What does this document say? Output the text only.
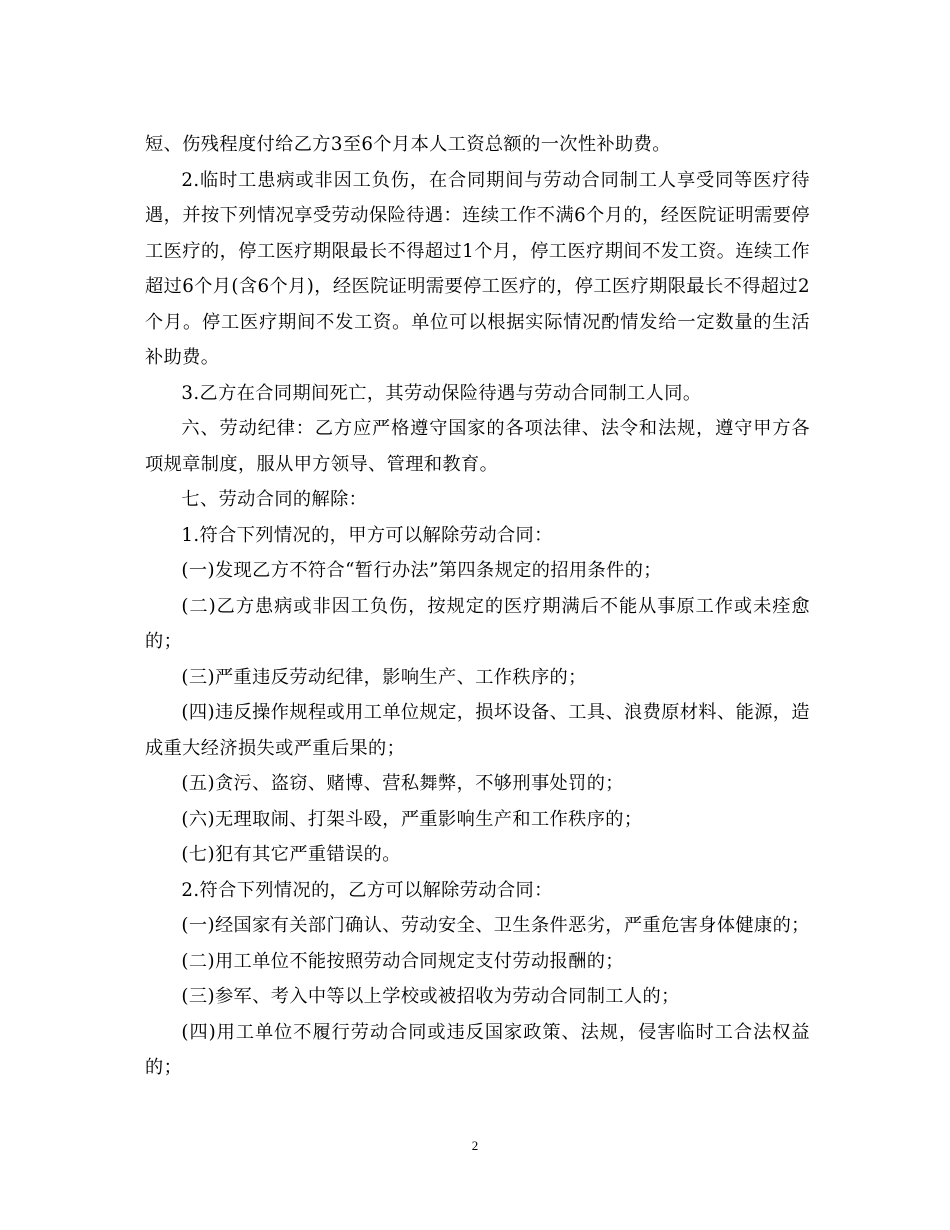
短、伤残程度付给乙方3至6个月本人工资总额的一次性补助费。

2.临时工患病或非因工负伤，在合同期间与劳动合同制工人享受同等医疗待遇，并按下列情况享受劳动保险待遇：连续工作不满6个月的，经医院证明需要停工医疗的，停工医疗期限最长不得超过1个月，停工医疗期间不发工资。连续工作超过6个月(含6个月)，经医院证明需要停工医疗的，停工医疗期限最长不得超过2个月。停工医疗期间不发工资。单位可以根据实际情况酌情发给一定数量的生活补助费。

3.乙方在合同期间死亡，其劳动保险待遇与劳动合同制工人同。

六、劳动纪律：乙方应严格遵守国家的各项法律、法令和法规，遵守甲方各项规章制度，服从甲方领导、管理和教育。

七、劳动合同的解除：

1.符合下列情况的，甲方可以解除劳动合同：

(一)发现乙方不符合“暂行办法”第四条规定的招用条件的；

(二)乙方患病或非因工负伤，按规定的医疗期满后不能从事原工作或未痊愈的；

(三)严重违反劳动纪律，影响生产、工作秩序的；

(四)违反操作规程或用工单位规定，损坏设备、工具、浪费原材料、能源，造成重大经济损失或严重后果的；

(五)贪污、盗窃、赌博、营私舞弊，不够刑事处罚的；

(六)无理取闹、打架斗殴，严重影响生产和工作秩序的；

(七)犯有其它严重错误的。

2.符合下列情况的，乙方可以解除劳动合同：

(一)经国家有关部门确认、劳动安全、卫生条件恶劣，严重危害身体健康的；

(二)用工单位不能按照劳动合同规定支付劳动报酬的；

(三)参军、考入中等以上学校或被招收为劳动合同制工人的；

(四)用工单位不履行劳动合同或违反国家政策、法规，侵害临时工合法权益的；

2
